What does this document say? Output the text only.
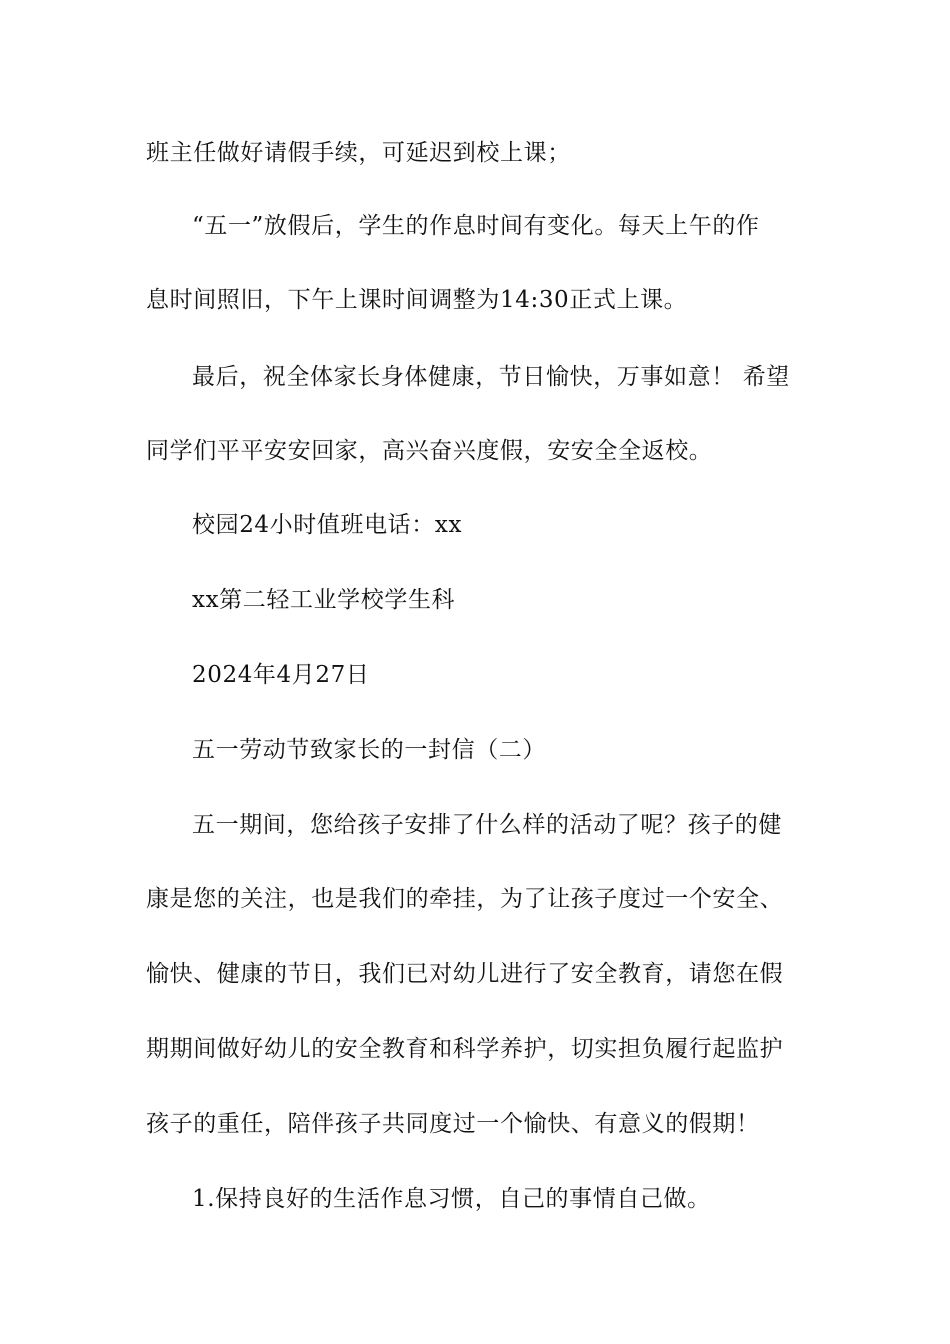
班主任做好请假手续，可延迟到校上课；
“五一”放假后，学生的作息时间有变化。每天上午的作
息时间照旧，下午上课时间调整为14:30正式上课。
最后，祝全体家长身体健康，节日愉快，万事如意！ 希望
同学们平平安安回家，高兴奋兴度假，安安全全返校。
校园24小时值班电话：xx
xx第二轻工业学校学生科
2024年4月27日
五一劳动节致家长的一封信（二）
五一期间，您给孩子安排了什么样的活动了呢？孩子的健
康是您的关注，也是我们的牵挂，为了让孩子度过一个安全、
愉快、健康的节日，我们已对幼儿进行了安全教育，请您在假
期期间做好幼儿的安全教育和科学养护，切实担负履行起监护
孩子的重任，陪伴孩子共同度过一个愉快、有意义的假期！
1.保持良好的生活作息习惯，自己的事情自己做。
